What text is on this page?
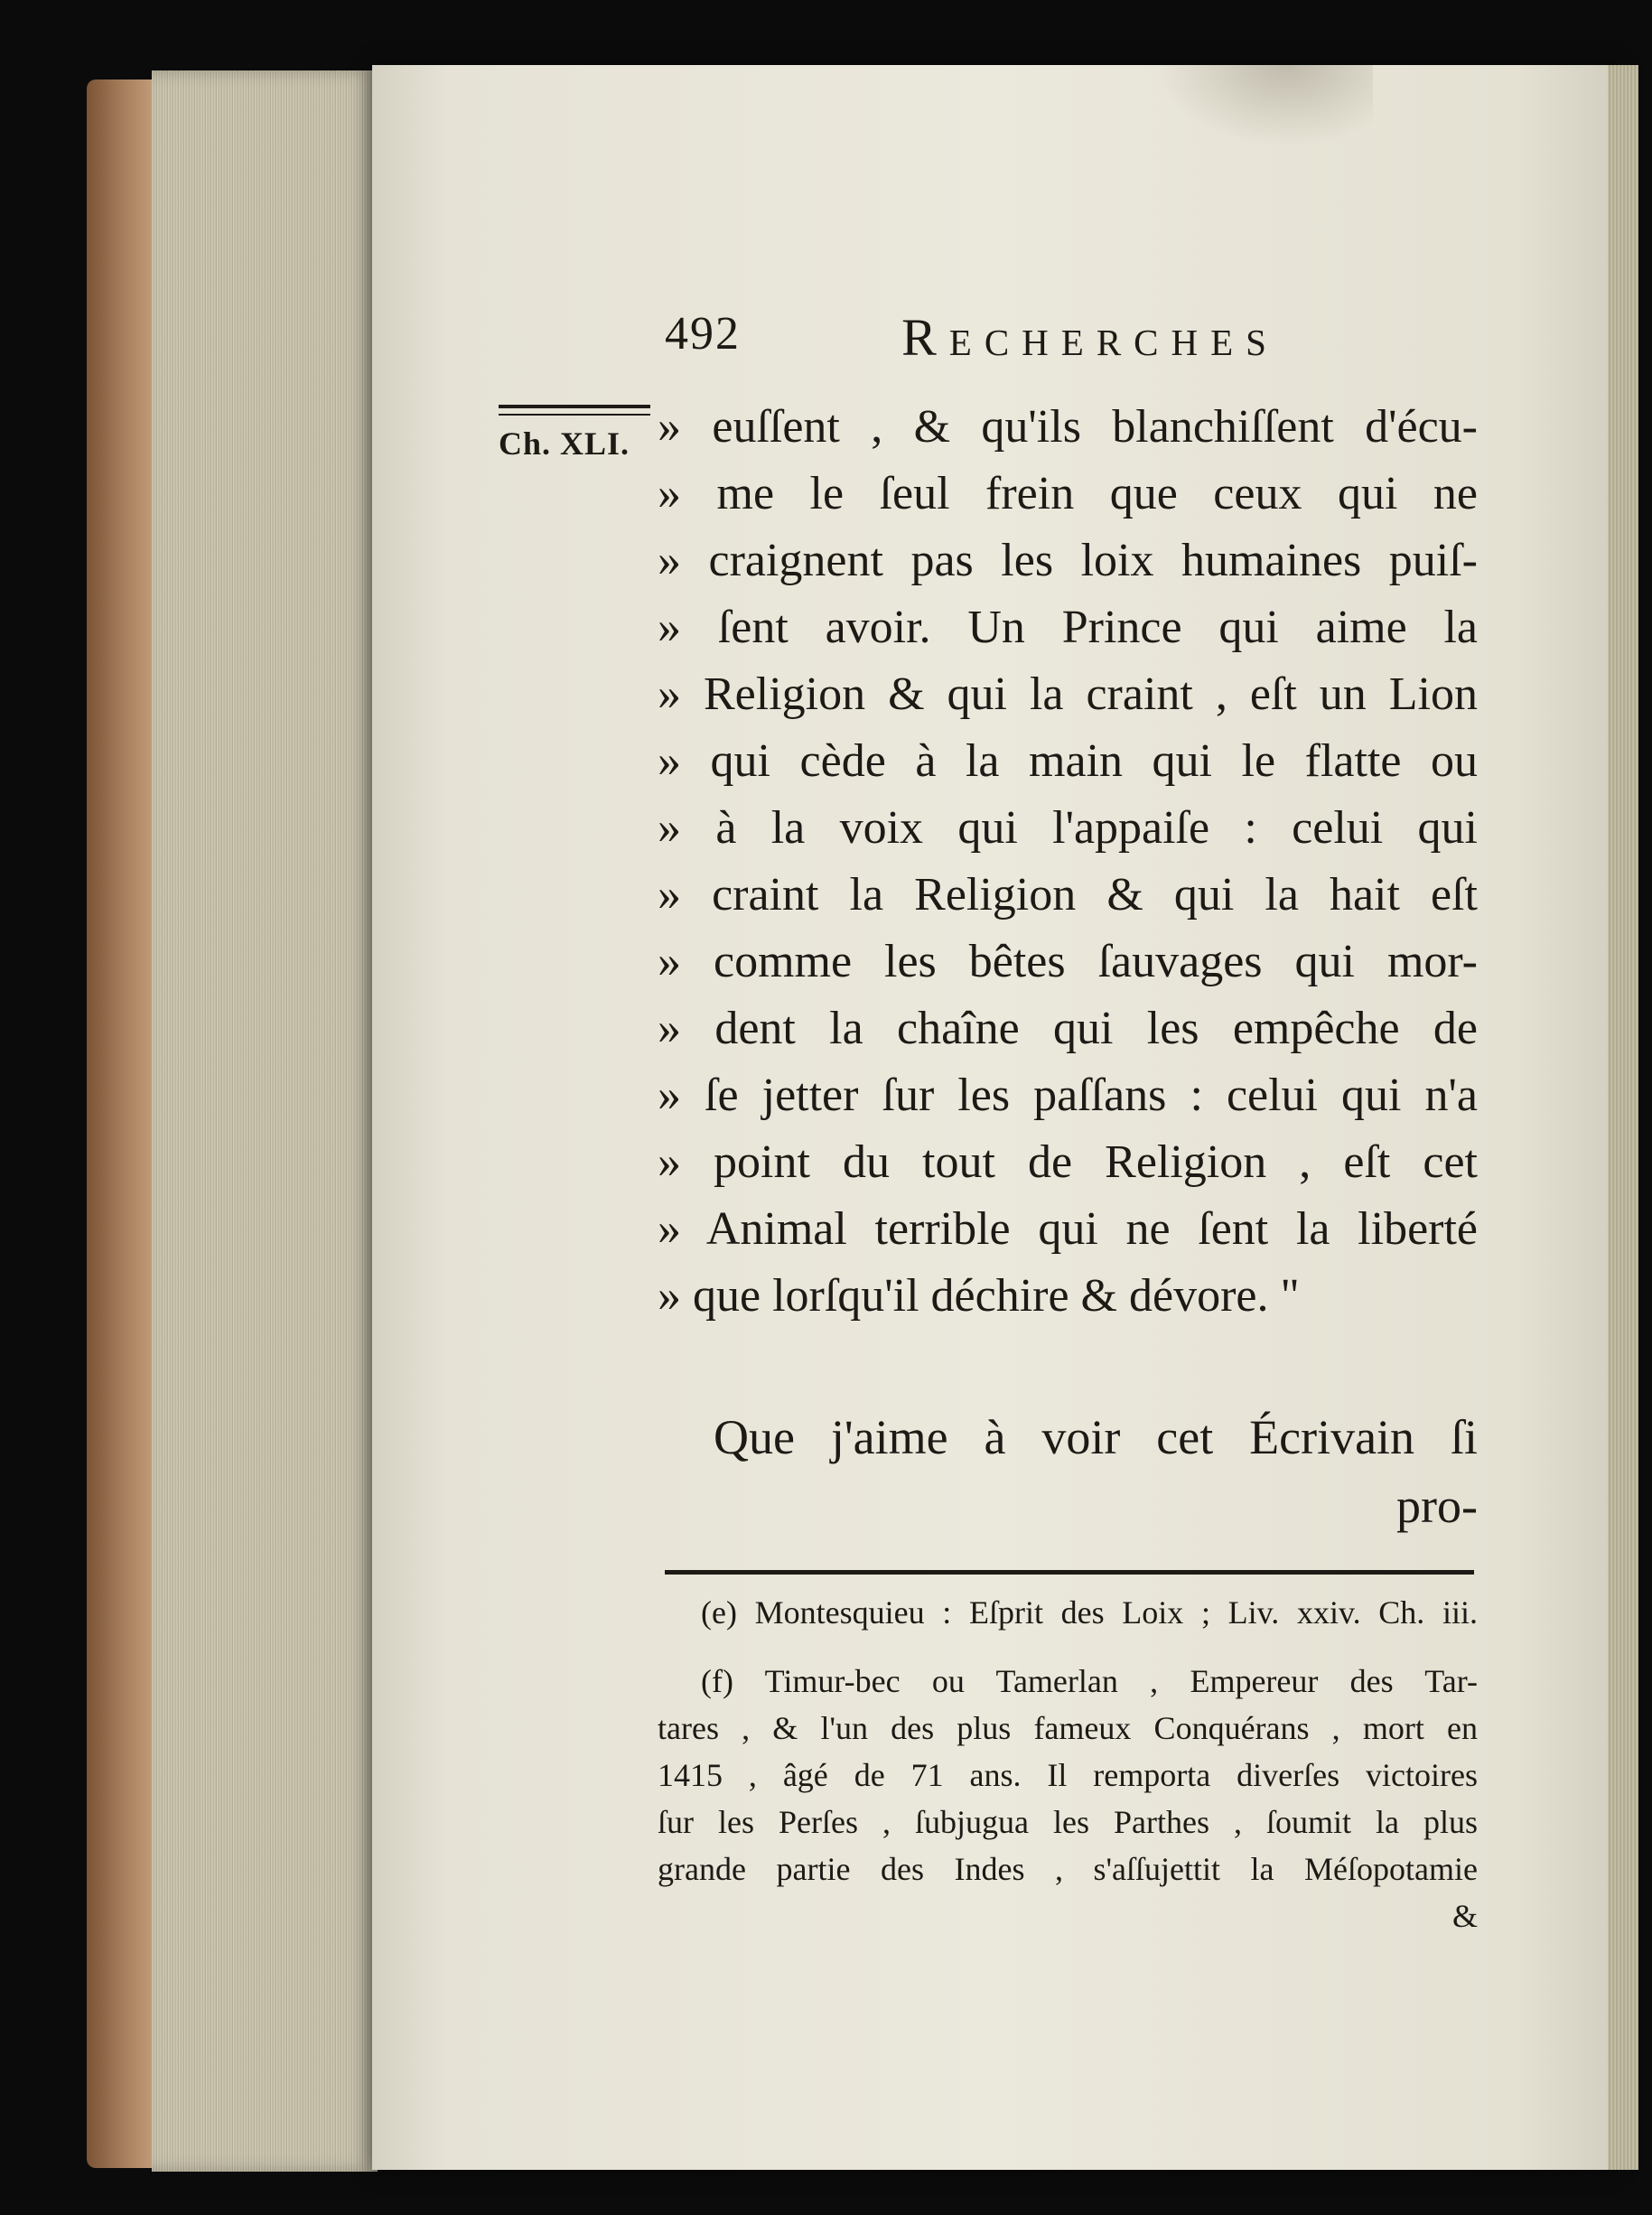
492	Recherches
Ch. XLI. » euſſent , & qu'ils blanchiſſent d'écu-
» me le ſeul frein que ceux qui ne
» craignent pas les loix humaines puiſ-
» ſent avoir. Un Prince qui aime la
» Religion & qui la craint , eſt un Lion
» qui cède à la main qui le flatte ou
» à la voix qui l'appaiſe : celui qui
» craint la Religion & qui la hait eſt
» comme les bêtes ſauvages qui mor-
» dent la chaîne qui les empêche de
» ſe jetter ſur les paſſans : celui qui n'a
» point du tout de Religion , eſt cet
» Animal terrible qui ne ſent la liberté
» que lorſqu'il déchire & dévore. "
Que j'aime à voir cet Écrivain ſi
pro-
(e) Montesquieu : Eſprit des Loix ; Liv. xxiv. Ch. iii.
(f) Timur-bec ou Tamerlan , Empereur des Tar-
tares , & l'un des plus fameux Conquérans , mort en
1415 , âgé de 71 ans. Il remporta diverſes victoires
ſur les Perſes , ſubjugua les Parthes , ſoumit la plus
grande partie des Indes , s'aſſujettit la Méſopotamie
&
